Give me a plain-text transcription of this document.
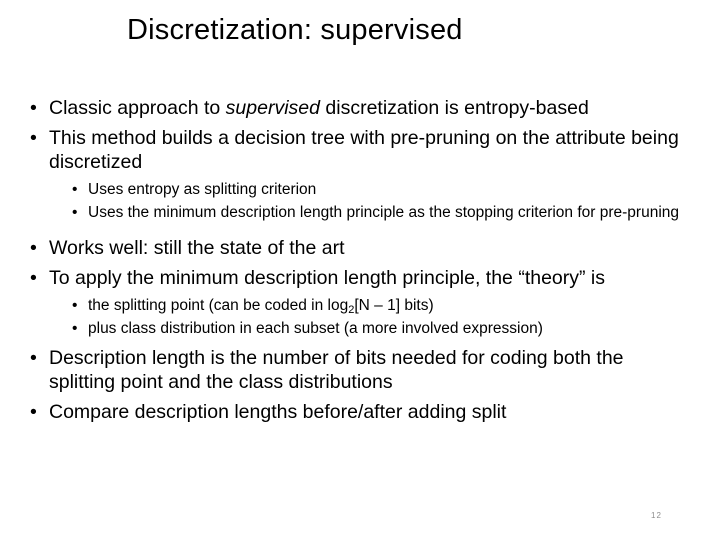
Discretization: supervised
• Classic approach to supervised discretization is entropy-based
• This method builds a decision tree with pre-pruning on the attribute being discretized
• Uses entropy as splitting criterion
• Uses the minimum description length principle as the stopping criterion for pre-pruning
• Works well: still the state of the art
• To apply the minimum description length principle, the “theory” is
• the splitting point (can be coded in $\log_2[N - 1]$ bits)
• plus class distribution in each subset (a more involved expression)
• Description length is the number of bits needed for coding both the splitting point and the class distributions
• Compare description lengths before/after adding split
12
